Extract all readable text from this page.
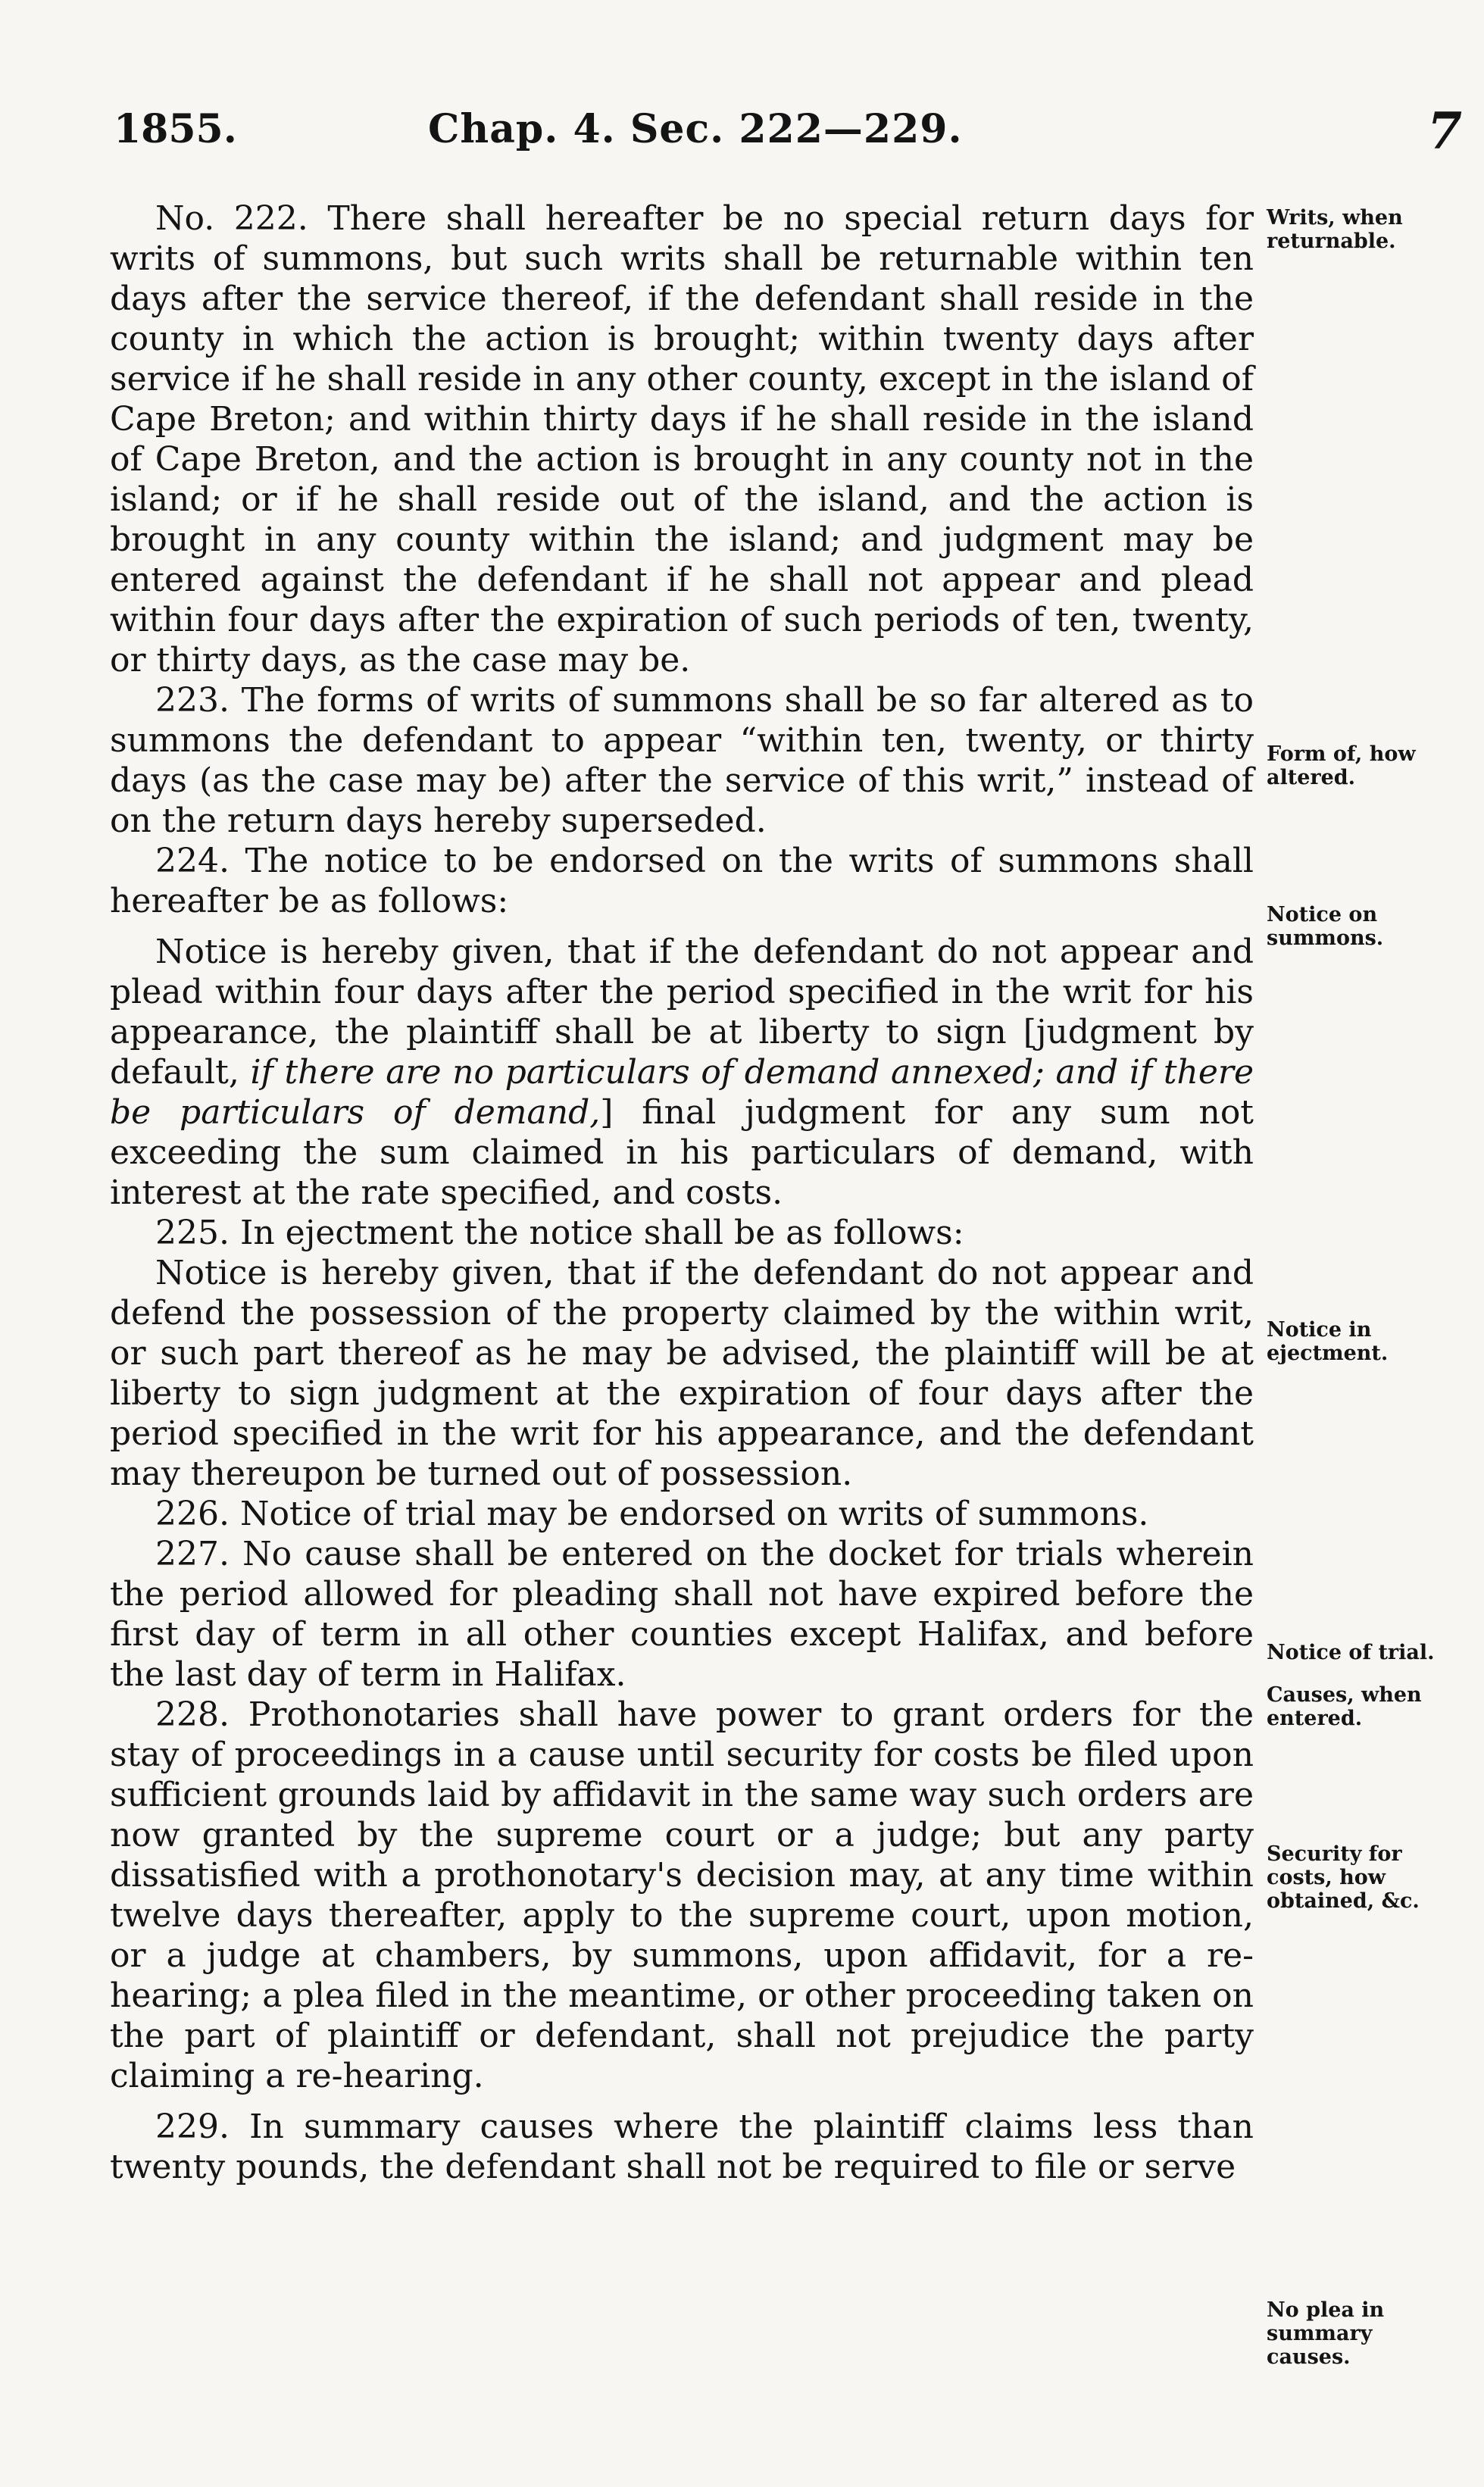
1855.	Chap. 4. Sec. 222—229.	7

No. 222. There shall hereafter be no special return days for writs of summons, but such writs shall be returnable within ten days after the service thereof, if the defendant shall reside in the county in which the action is brought; within twenty days after service if he shall reside in any other county, except in the island of Cape Breton; and within thirty days if he shall reside in the island of Cape Breton, and the action is brought in any county not in the island; or if he shall reside out of the island, and the action is brought in any county within the island; and judgment may be entered against the defendant if he shall not appear and plead within four days after the expiration of such periods of ten, twenty, or thirty days, as the case may be.

223. The forms of writs of summons shall be so far altered as to summons the defendant to appear “within ten, twenty, or thirty days (as the case may be) after the service of this writ,” instead of on the return days hereby superseded.

224. The notice to be endorsed on the writs of summons shall hereafter be as follows:

Notice is hereby given, that if the defendant do not appear and plead within four days after the period specified in the writ for his appearance, the plaintiff shall be at liberty to sign [judgment by default, if there are no particulars of demand annexed; and if there be particulars of demand,] final judgment for any sum not exceeding the sum claimed in his particulars of demand, with interest at the rate specified, and costs.

225. In ejectment the notice shall be as follows:

Notice is hereby given, that if the defendant do not appear and defend the possession of the property claimed by the within writ, or such part thereof as he may be advised, the plaintiff will be at liberty to sign judgment at the expiration of four days after the period specified in the writ for his appearance, and the defendant may thereupon be turned out of possession.

226. Notice of trial may be endorsed on writs of summons.

227. No cause shall be entered on the docket for trials wherein the period allowed for pleading shall not have expired before the first day of term in all other counties except Halifax, and before the last day of term in Halifax.

228. Prothonotaries shall have power to grant orders for the stay of proceedings in a cause until security for costs be filed upon sufficient grounds laid by affidavit in the same way such orders are now granted by the supreme court or a judge; but any party dissatisfied with a prothonotary's decision may, at any time within twelve days thereafter, apply to the supreme court, upon motion, or a judge at chambers, by summons, upon affidavit, for a re-hearing; a plea filed in the meantime, or other proceeding taken on the part of plaintiff or defendant, shall not prejudice the party claiming a re-hearing.

229. In summary causes where the plaintiff claims less than twenty pounds, the defendant shall not be required to file or serve

Writs, when returnable.
Form of, how altered.
Notice on summons.
Notice in ejectment.
Notice of trial.
Causes, when entered.
Security for costs, how obtained, &c.
No plea in summary causes.
